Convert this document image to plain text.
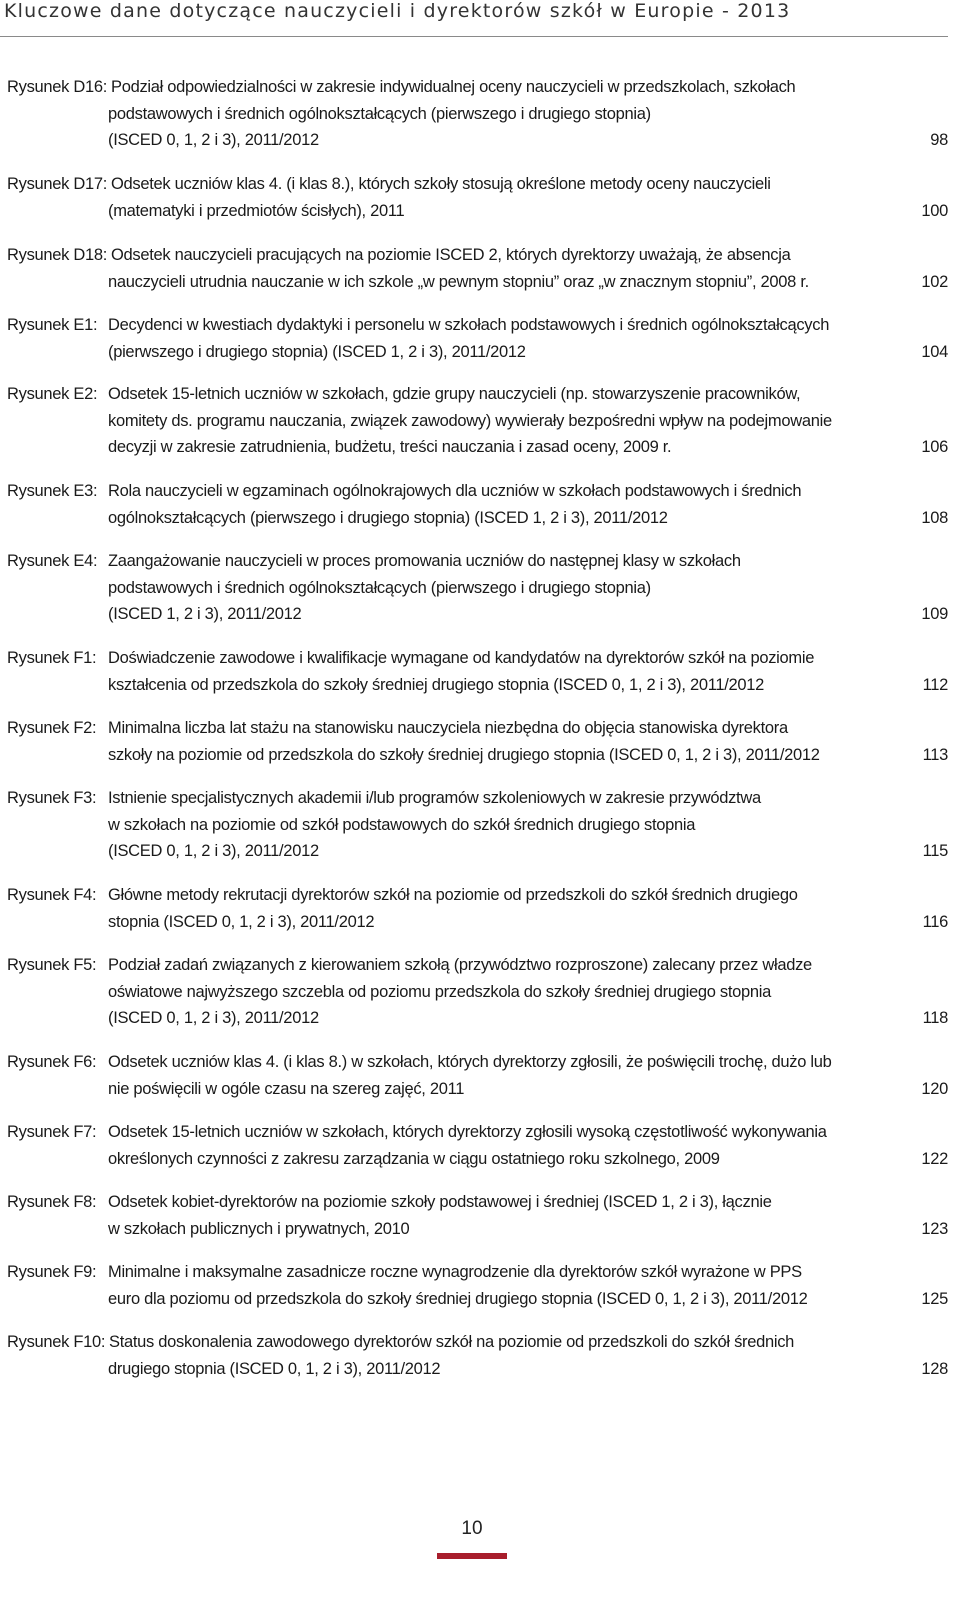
Kluczowe dane dotyczące nauczycieli i dyrektorów szkół w Europie - 2013
Rysunek D16: Podział odpowiedzialności w zakresie indywidualnej oceny nauczycieli w przedszkolach, szkołach
podstawowych i średnich ogólnokształcących (pierwszego i drugiego stopnia)
(ISCED 0, 1, 2 i 3), 2011/2012	98
Rysunek D17: Odsetek uczniów klas 4. (i klas 8.), których szkoły stosują określone metody oceny nauczycieli
(matematyki i przedmiotów ścisłych), 2011	100
Rysunek D18: Odsetek nauczycieli pracujących na poziomie ISCED 2, których dyrektorzy uważają, że absencja
nauczycieli utrudnia nauczanie w ich szkole „w pewnym stopniu” oraz „w znacznym stopniu”, 2008 r.	102
Rysunek E1: Decydenci w kwestiach dydaktyki i personelu w szkołach podstawowych i średnich ogólnokształcących
(pierwszego i drugiego stopnia) (ISCED 1, 2 i 3), 2011/2012	104
Rysunek E2: Odsetek 15-letnich uczniów w szkołach, gdzie grupy nauczycieli (np. stowarzyszenie pracowników,
komitety ds. programu nauczania, związek zawodowy) wywierały bezpośredni wpływ na podejmowanie
decyzji w zakresie zatrudnienia, budżetu, treści nauczania i zasad oceny, 2009 r.	106
Rysunek E3: Rola nauczycieli w egzaminach ogólnokrajowych dla uczniów w szkołach podstawowych i średnich
ogólnokształcących (pierwszego i drugiego stopnia) (ISCED 1, 2 i 3), 2011/2012	108
Rysunek E4: Zaangażowanie nauczycieli w proces promowania uczniów do następnej klasy w szkołach
podstawowych i średnich ogólnokształcących (pierwszego i drugiego stopnia)
(ISCED 1, 2 i 3), 2011/2012	109
Rysunek F1: Doświadczenie zawodowe i kwalifikacje wymagane od kandydatów na dyrektorów szkół na poziomie
kształcenia od przedszkola do szkoły średniej drugiego stopnia (ISCED 0, 1, 2 i 3), 2011/2012	112
Rysunek F2: Minimalna liczba lat stażu na stanowisku nauczyciela niezbędna do objęcia stanowiska dyrektora
szkoły na poziomie od przedszkola do szkoły średniej drugiego stopnia (ISCED 0, 1, 2 i 3), 2011/2012	113
Rysunek F3: Istnienie specjalistycznych akademii i/lub programów szkoleniowych w zakresie przywództwa
w szkołach na poziomie od szkół podstawowych do szkół średnich drugiego stopnia
(ISCED 0, 1, 2 i 3), 2011/2012	115
Rysunek F4: Główne metody rekrutacji dyrektorów szkół na poziomie od przedszkoli do szkół średnich drugiego
stopnia (ISCED 0, 1, 2 i 3), 2011/2012	116
Rysunek F5: Podział zadań związanych z kierowaniem szkołą (przywództwo rozproszone) zalecany przez władze
oświatowe najwyższego szczebla od poziomu przedszkola do szkoły średniej drugiego stopnia
(ISCED 0, 1, 2 i 3), 2011/2012	118
Rysunek F6: Odsetek uczniów klas 4. (i klas 8.) w szkołach, których dyrektorzy zgłosili, że poświęcili trochę, dużo lub
nie poświęcili w ogóle czasu na szereg zajęć, 2011	120
Rysunek F7: Odsetek 15-letnich uczniów w szkołach, których dyrektorzy zgłosili wysoką częstotliwość wykonywania
określonych czynności z zakresu zarządzania w ciągu ostatniego roku szkolnego, 2009	122
Rysunek F8: Odsetek kobiet-dyrektorów na poziomie szkoły podstawowej i średniej (ISCED 1, 2 i 3), łącznie
w szkołach publicznych i prywatnych, 2010	123
Rysunek F9: Minimalne i maksymalne zasadnicze roczne wynagrodzenie dla dyrektorów szkół wyrażone w PPS
euro dla poziomu od przedszkola do szkoły średniej drugiego stopnia (ISCED 0, 1, 2 i 3), 2011/2012	125
Rysunek F10: Status doskonalenia zawodowego dyrektorów szkół na poziomie od przedszkoli do szkół średnich
drugiego stopnia (ISCED 0, 1, 2 i 3), 2011/2012	128
10
